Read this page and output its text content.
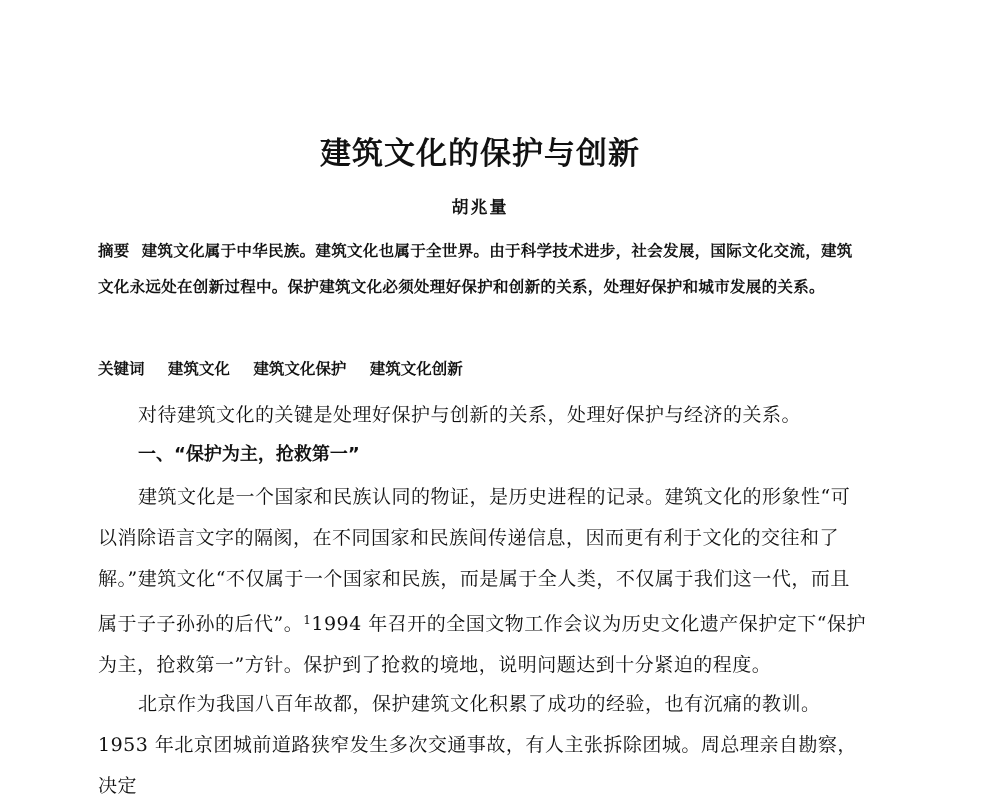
建筑文化的保护与创新
胡兆量
摘要 建筑文化属于中华民族。建筑文化也属于全世界。由于科学技术进步，社会发展，国际文化交流，建筑文化永远处在创新过程中。保护建筑文化必须处理好保护和创新的关系，处理好保护和城市发展的关系。
关键词 建筑文化 建筑文化保护 建筑文化创新
对待建筑文化的关键是处理好保护与创新的关系，处理好保护与经济的关系。
一、“保护为主，抢救第一”
建筑文化是一个国家和民族认同的物证，是历史进程的记录。建筑文化的形象性“可以消除语言文字的隔阂，在不同国家和民族间传递信息，因而更有利于文化的交往和了解。”建筑文化“不仅属于一个国家和民族，而是属于全人类，不仅属于我们这一代，而且属于子子孙孙的后代”。$^1$1994 年召开的全国文物工作会议为历史文化遗产保护定下“保护为主，抢救第一”方针。保护到了抢救的境地，说明问题达到十分紧迫的程度。
北京作为我国八百年故都，保护建筑文化积累了成功的经验，也有沉痛的教训。1953 年北京团城前道路狭窄发生多次交通事故，有人主张拆除团城。周总理亲自勘察，决定
